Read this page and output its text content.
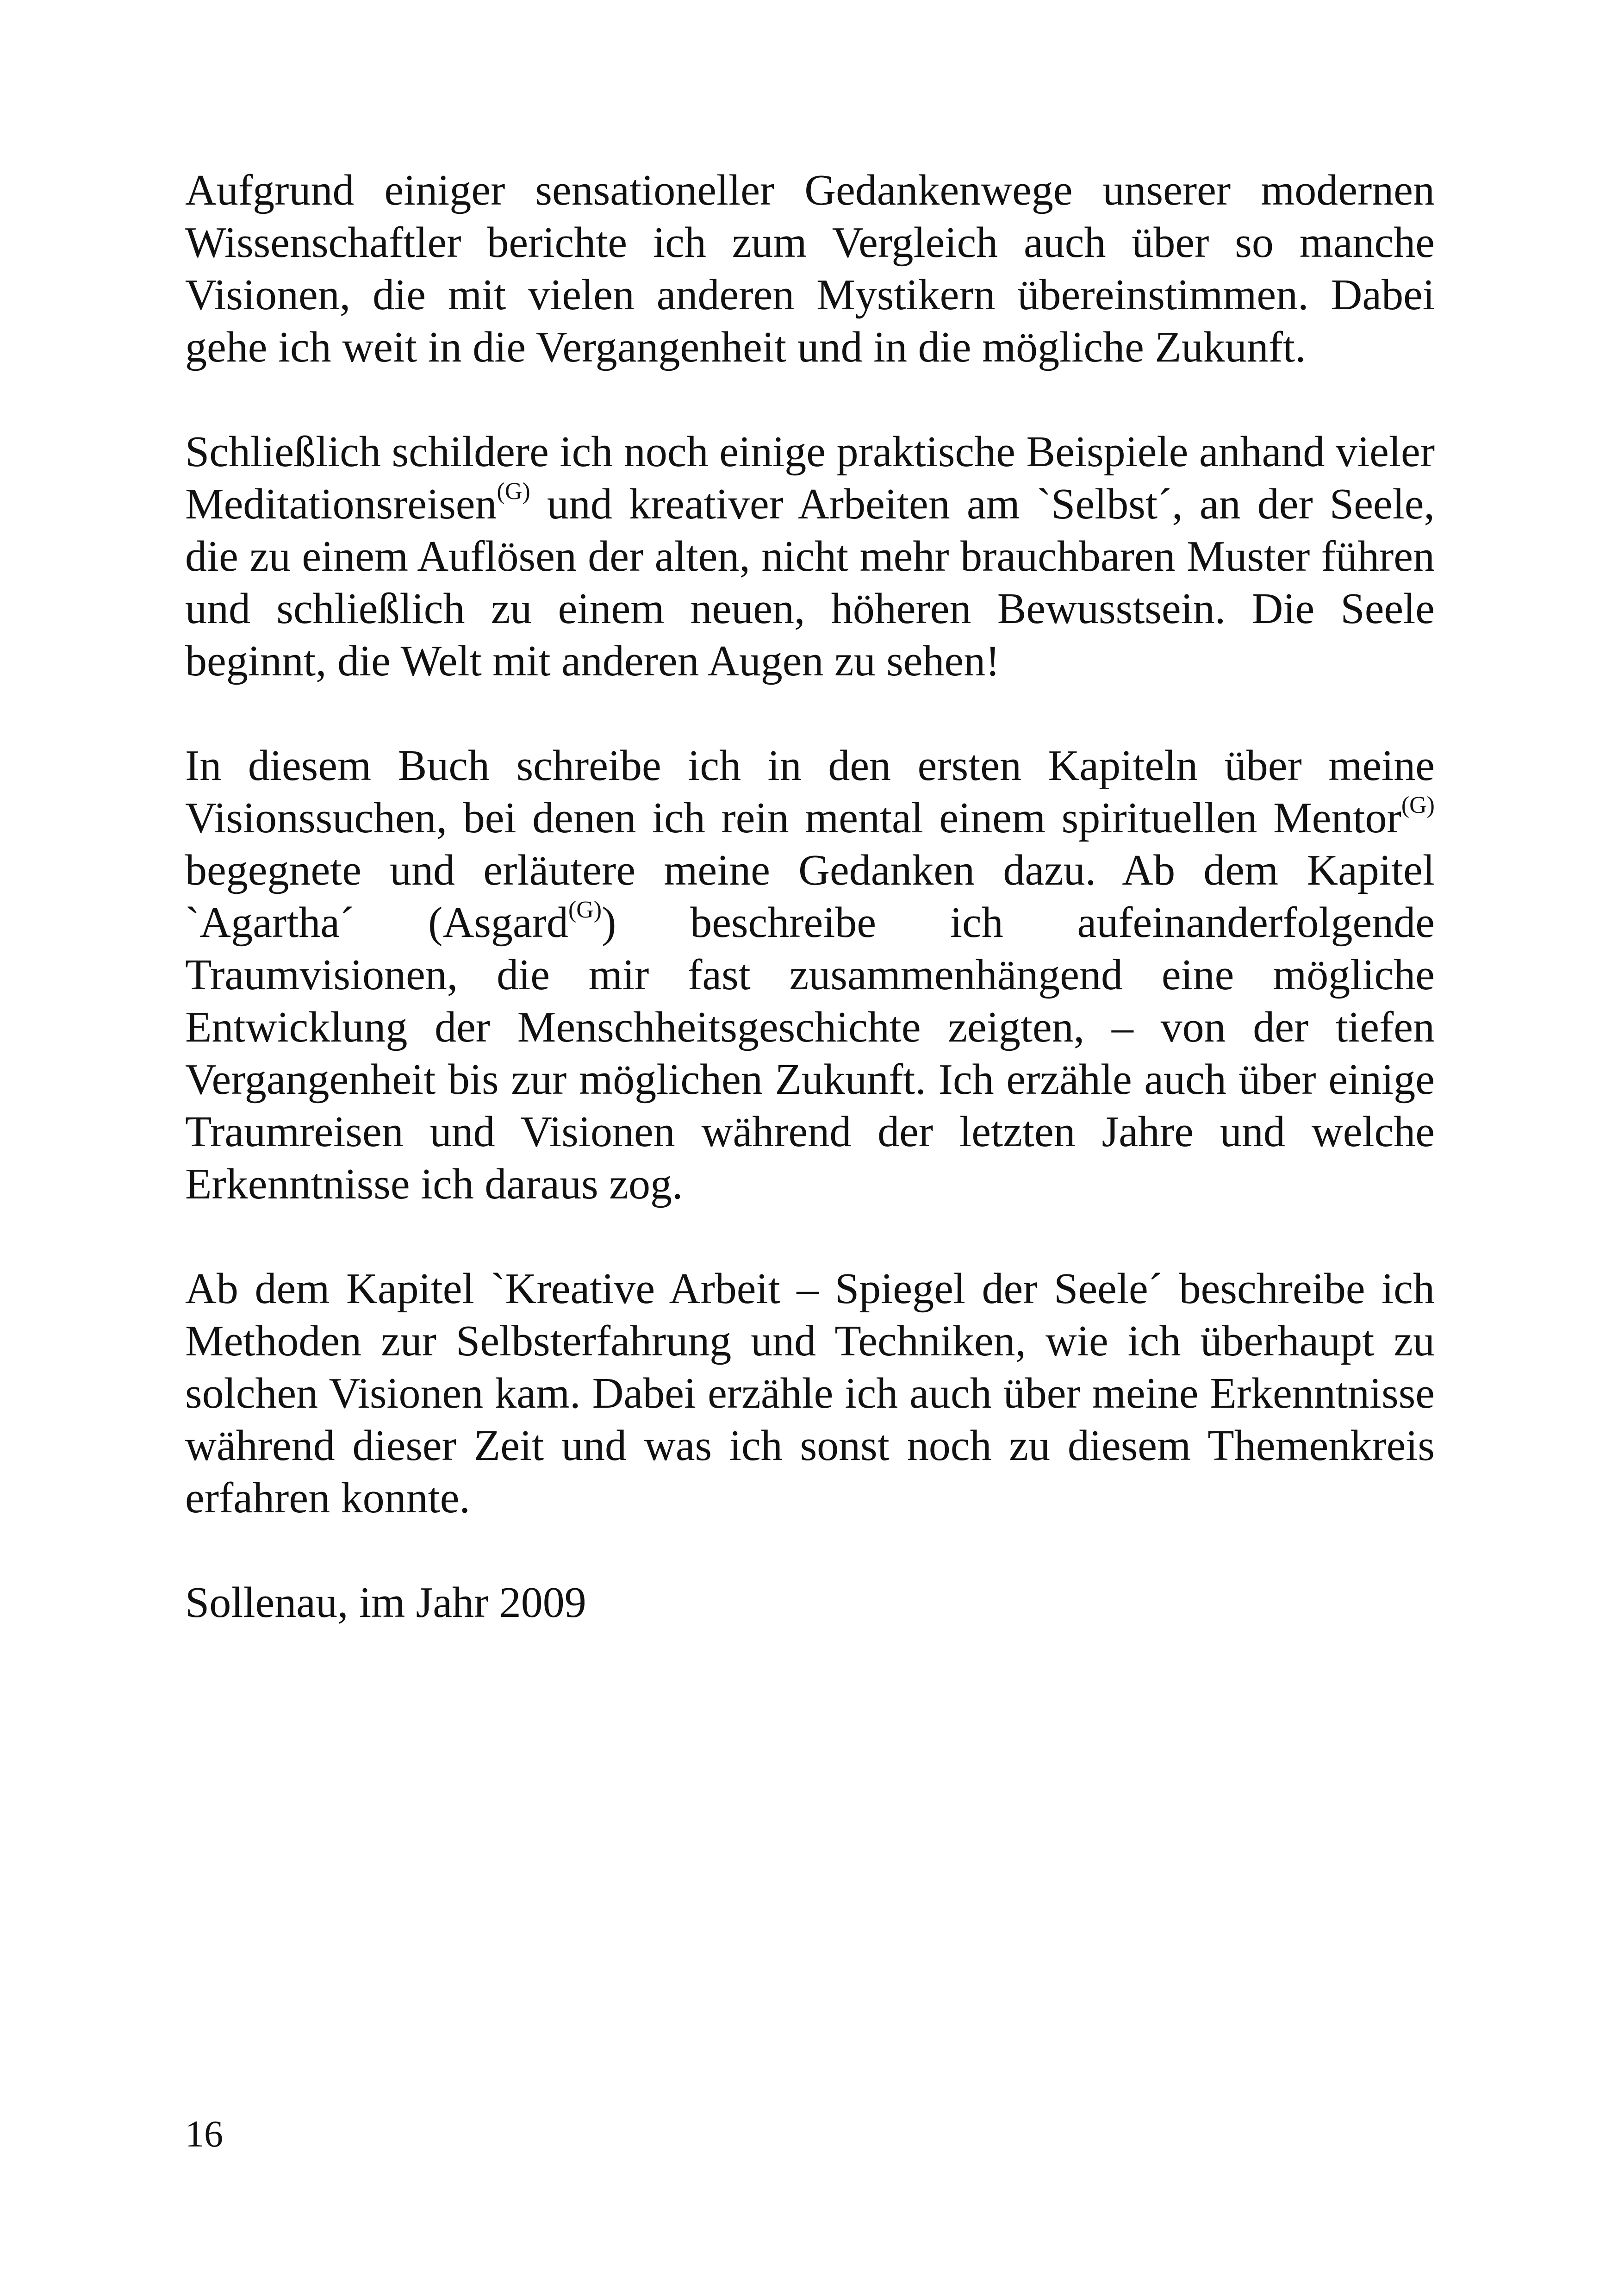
Aufgrund einiger sensationeller Gedankenwege unserer modernen Wissenschaftler berichte ich zum Vergleich auch über so manche Visionen, die mit vielen anderen Mystikern übereinstimmen. Dabei gehe ich weit in die Vergangenheit und in die mögliche Zukunft.

Schließlich schildere ich noch einige praktische Beispiele anhand vieler Meditationsreisen$^{(G)}$ und kreativer Arbeiten am `Selbst´, an der Seele, die zu einem Auflösen der alten, nicht mehr brauchbaren Muster führen und schließlich zu einem neuen, höheren Bewusstsein. Die Seele beginnt, die Welt mit anderen Augen zu sehen!

In diesem Buch schreibe ich in den ersten Kapiteln über meine Visionssuchen, bei denen ich rein mental einem spirituellen Mentor$^{(G)}$ begegnete und erläutere meine Gedanken dazu. Ab dem Kapitel `Agartha´ (Asgard$^{(G)}$) beschreibe ich aufeinanderfolgende Traumvisionen, die mir fast zusammenhängend eine mögliche Entwicklung der Menschheitsgeschichte zeigten, – von der tiefen Vergangenheit bis zur möglichen Zukunft. Ich erzähle auch über einige Traumreisen und Visionen während der letzten Jahre und welche Erkenntnisse ich daraus zog.

Ab dem Kapitel `Kreative Arbeit – Spiegel der Seele´ beschreibe ich Methoden zur Selbsterfahrung und Techniken, wie ich überhaupt zu solchen Visionen kam. Dabei erzähle ich auch über meine Erkenntnisse während dieser Zeit und was ich sonst noch zu diesem Themenkreis erfahren konnte.

Sollenau, im Jahr 2009

16
